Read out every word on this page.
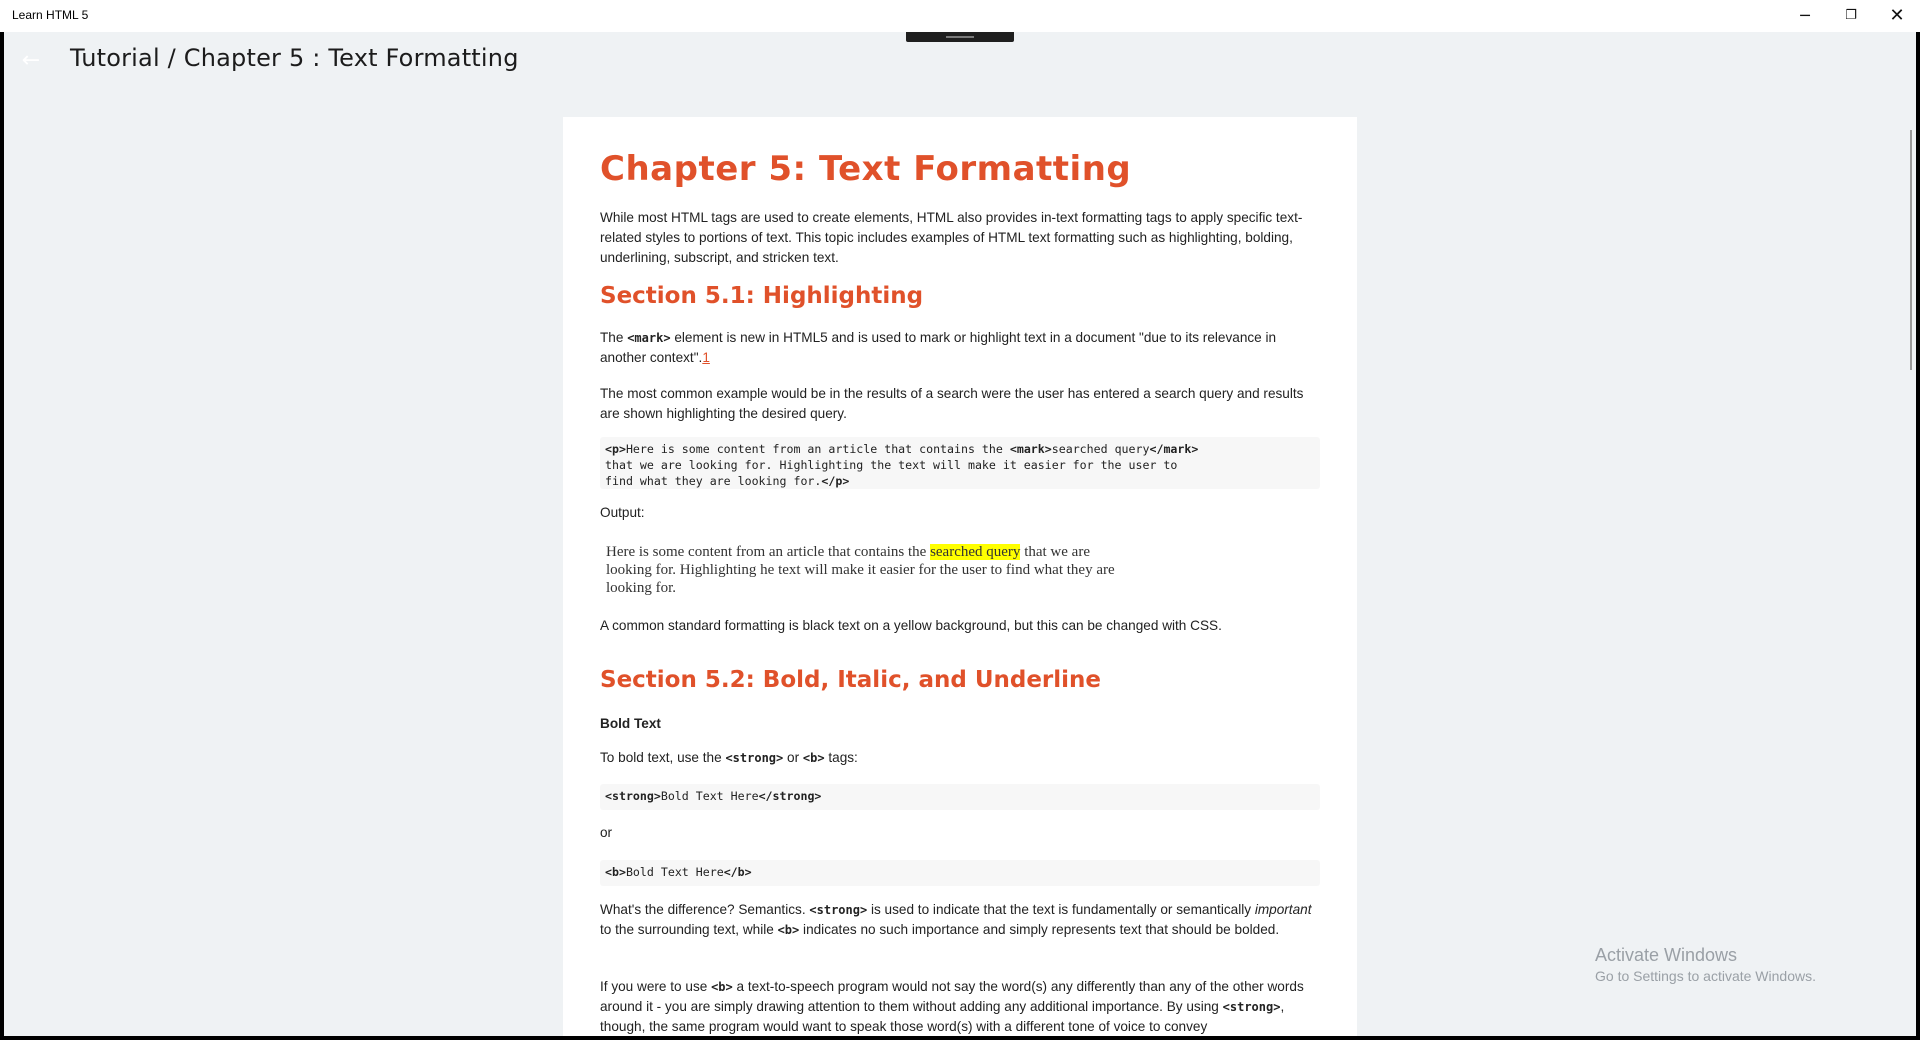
Learn HTML 5	─	❐	✕
← Tutorial / Chapter 5 : Text Formatting
Chapter 5: Text Formatting

While most HTML tags are used to create elements, HTML also provides in-text formatting tags to apply specific text-related styles to portions of text. This topic includes examples of HTML text formatting such as highlighting, bolding, underlining, subscript, and stricken text.

Section 5.1: Highlighting

The <mark> element is new in HTML5 and is used to mark or highlight text in a document "due to its relevance in another context".1

The most common example would be in the results of a search were the user has entered a search query and results are shown highlighting the desired query.

<p>Here is some content from an article that contains the <mark>searched query</mark>
that we are looking for. Highlighting the text will make it easier for the user to
find what they are looking for.</p>

Output:

Here is some content from an article that contains the searched query that we are looking for. Highlighting he text will make it easier for the user to find what they are looking for.

A common standard formatting is black text on a yellow background, but this can be changed with CSS.

Section 5.2: Bold, Italic, and Underline

Bold Text

To bold text, use the <strong> or <b> tags:

<strong>Bold Text Here</strong>

or

<b>Bold Text Here</b>

What's the difference? Semantics. <strong> is used to indicate that the text is fundamentally or semantically important to the surrounding text, while <b> indicates no such importance and simply represents text that should be bolded.

If you were to use <b> a text-to-speech program would not say the word(s) any differently than any of the other words around it - you are simply drawing attention to them without adding any additional importance. By using <strong>, though, the same program would want to speak those word(s) with a different tone of voice to convey

Activate Windows
Go to Settings to activate Windows.
